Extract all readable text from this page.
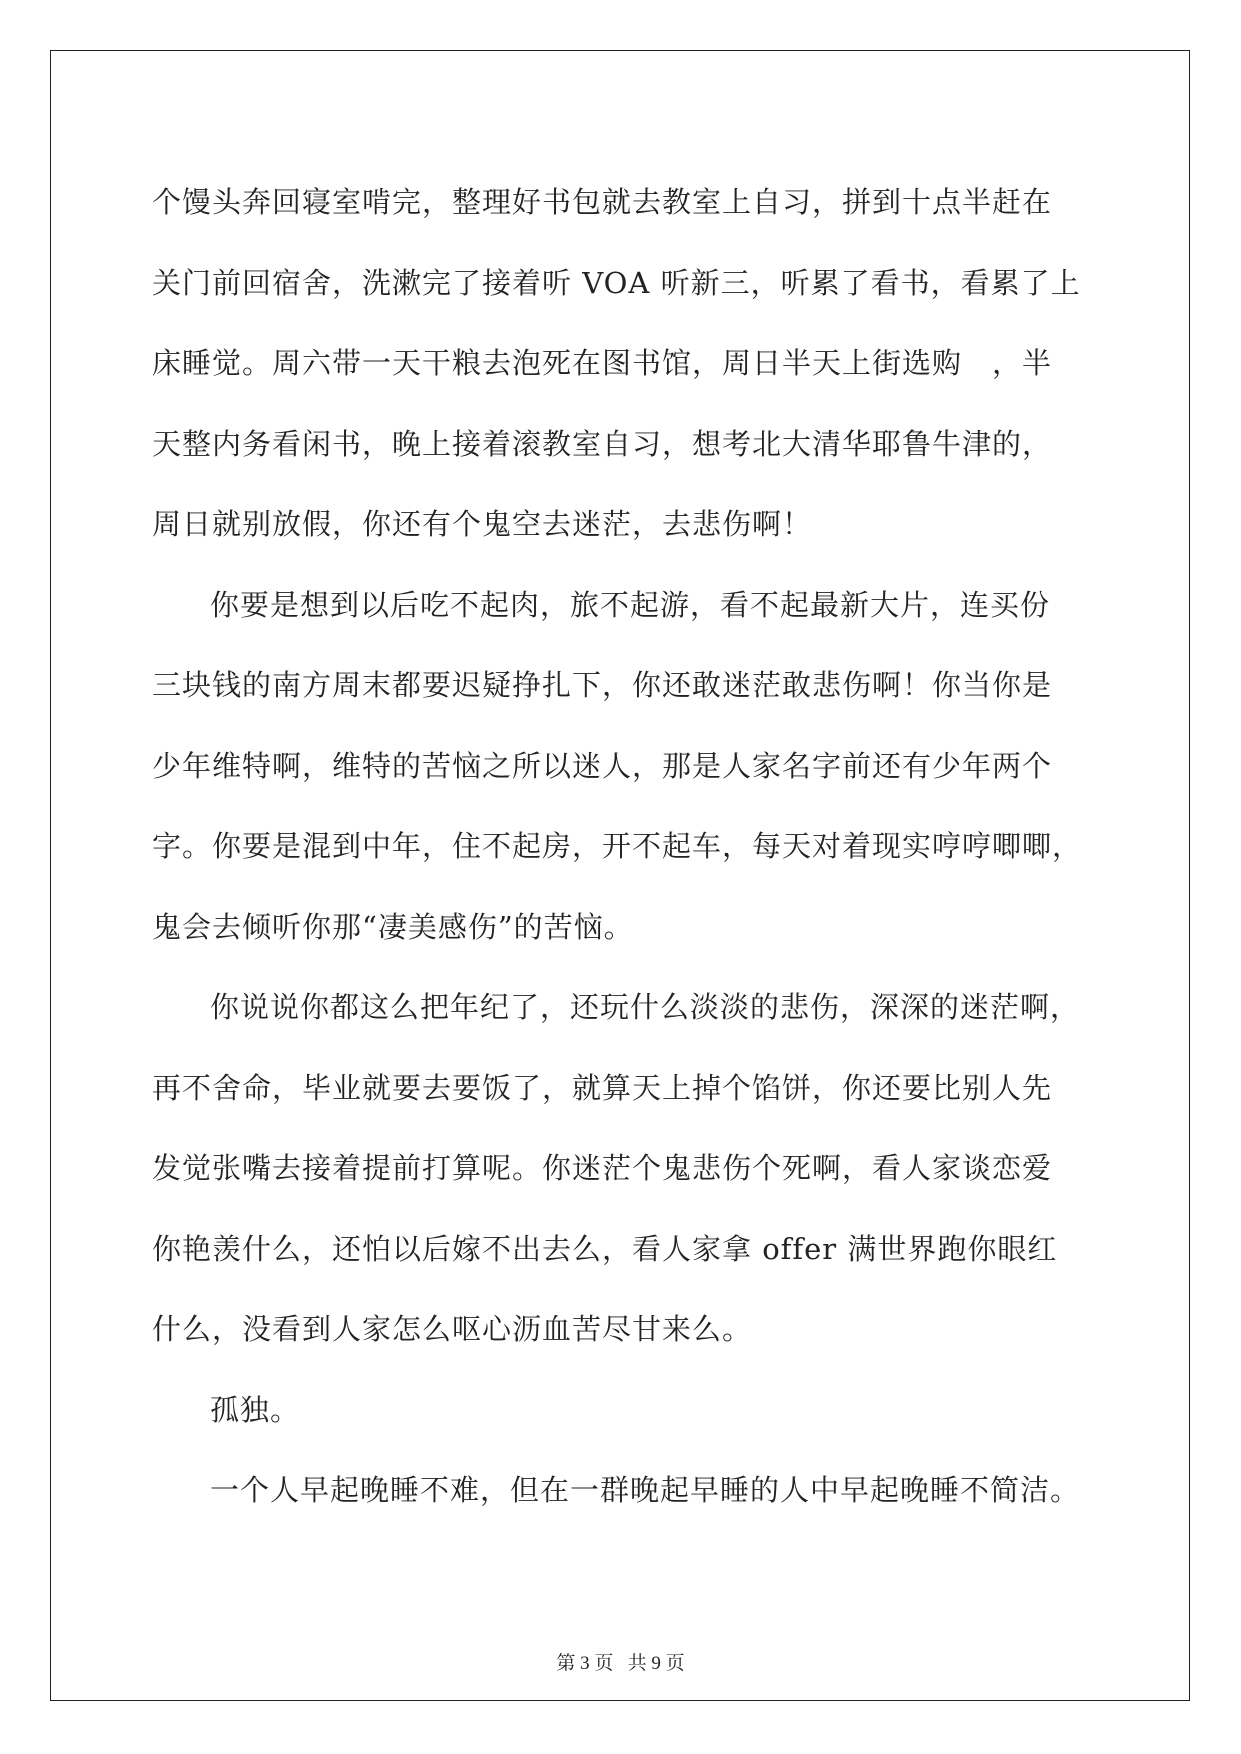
个馒头奔回寝室啃完，整理好书包就去教室上自习，拼到十点半赶在
关门前回宿舍，洗漱完了接着听 VOA 听新三，听累了看书，看累了上
床睡觉。周六带一天干粮去泡死在图书馆，周日半天上街选购　，半
天整内务看闲书，晚上接着滚教室自习，想考北大清华耶鲁牛津的，
周日就别放假，你还有个鬼空去迷茫，去悲伤啊！
你要是想到以后吃不起肉，旅不起游，看不起最新大片，连买份
三块钱的南方周末都要迟疑挣扎下，你还敢迷茫敢悲伤啊！你当你是
少年维特啊，维特的苦恼之所以迷人，那是人家名字前还有少年两个
字。你要是混到中年，住不起房，开不起车，每天对着现实哼哼唧唧，
鬼会去倾听你那“凄美感伤”的苦恼。
你说说你都这么把年纪了，还玩什么淡淡的悲伤，深深的迷茫啊，
再不舍命，毕业就要去要饭了，就算天上掉个馅饼，你还要比别人先
发觉张嘴去接着提前打算呢。你迷茫个鬼悲伤个死啊，看人家谈恋爱
你艳羡什么，还怕以后嫁不出去么，看人家拿 offer 满世界跑你眼红
什么，没看到人家怎么呕心沥血苦尽甘来么。
孤独。
一个人早起晚睡不难，但在一群晚起早睡的人中早起晚睡不简洁。
第 3 页 共 9 页
